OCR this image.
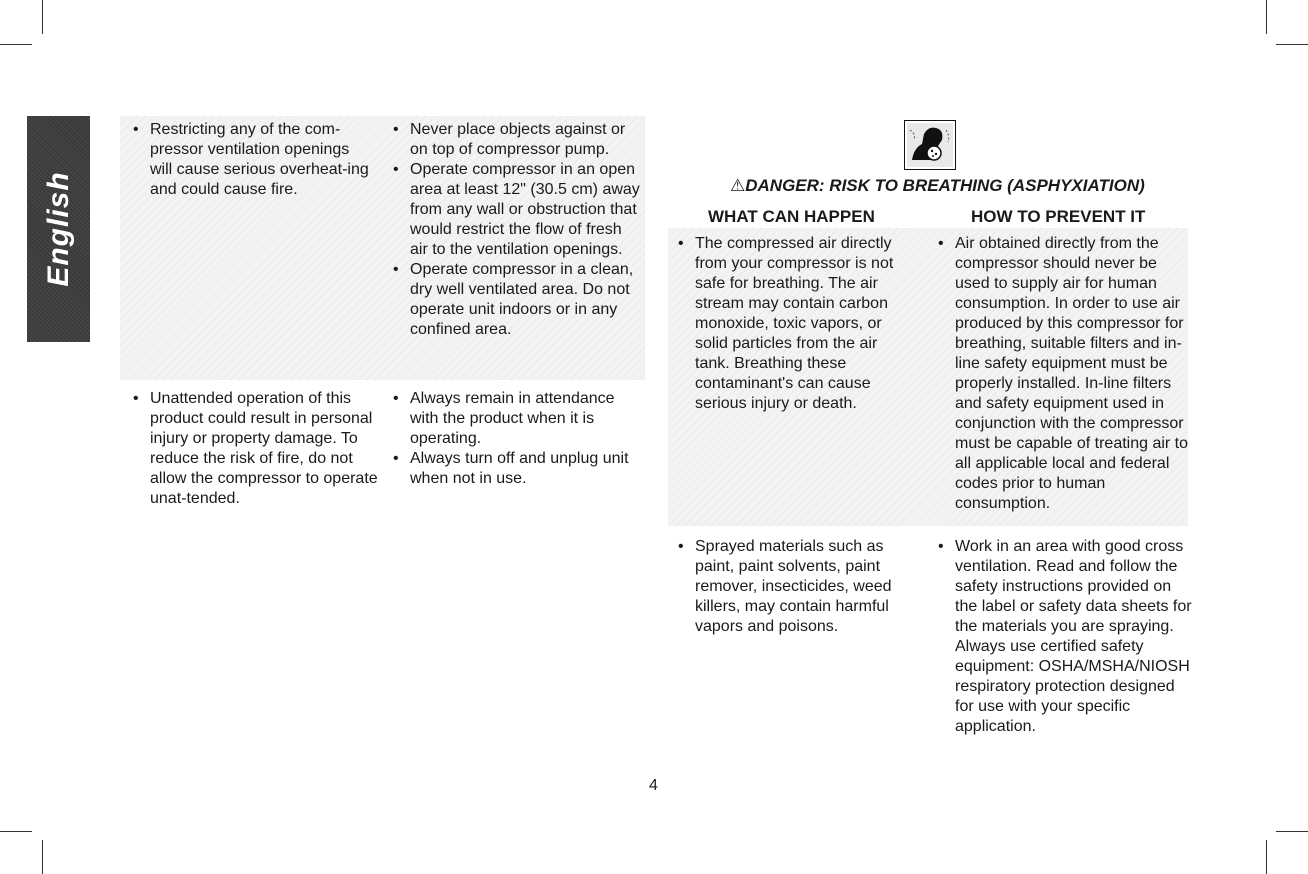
English
• Restricting any of the com-pressor ventilation openings will cause serious overheat-ing and could cause fire.
• Unattended operation of this product could result in personal injury or property damage. To reduce the risk of fire, do not allow the compressor to operate unat-tended.
• Never place objects against or on top of compressor pump.
• Operate compressor in an open area at least 12" (30.5 cm) away from any wall or obstruction that would restrict the flow of fresh air to the ventilation openings.
• Operate compressor in a clean, dry well ventilated area. Do not operate unit indoors or in any confined area.
• Always remain in attendance with the product when it is operating.
• Always turn off and unplug unit when not in use.
⚠DANGER: RISK TO BREATHING (ASPHYXIATION)
WHAT CAN HAPPEN	HOW TO PREVENT IT
• The compressed air directly from your compressor is not safe for breathing. The air stream may contain carbon monoxide, toxic vapors, or solid particles from the air tank. Breathing these contaminant's can cause serious injury or death.
• Air obtained directly from the compressor should never be used to supply air for human consumption. In order to use air produced by this compressor for breathing, suitable filters and in-line safety equipment must be properly installed. In-line filters and safety equipment used in conjunction with the compressor must be capable of treating air to all applicable local and federal codes prior to human consumption.
• Sprayed materials such as paint, paint solvents, paint remover, insecticides, weed killers, may contain harmful vapors and poisons.
• Work in an area with good cross ventilation. Read and follow the safety instructions provided on the label or safety data sheets for the materials you are spraying. Always use certified safety equipment: OSHA/MSHA/NIOSH respiratory protection designed for use with your specific application.
4
